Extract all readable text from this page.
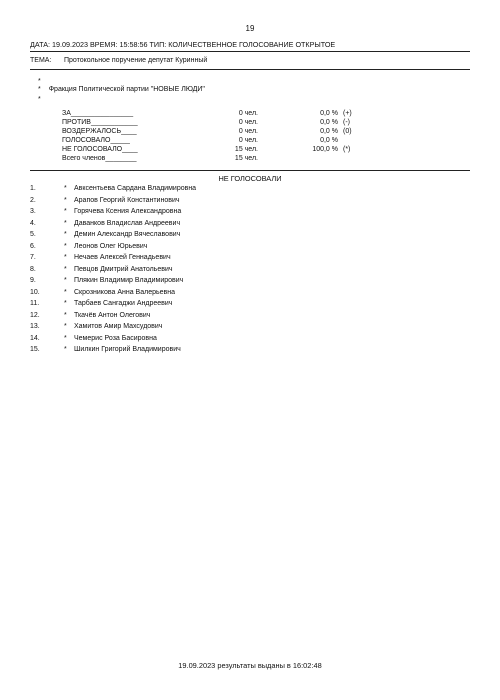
19
ДАТА: 19.09.2023 ВРЕМЯ: 15:58:56 ТИП: КОЛИЧЕСТВЕННОЕ ГОЛОСОВАНИЕ ОТКРЫТОЕ
ТЕМА: Протокольное поручение депутат Куринный
*
* Фракция Политической партии "НОВЫЕ ЛЮДИ"
*
ЗА________________	0 чел.	0,0 % (+)
ПРОТИВ____________	0 чел.	0,0 % (-)
ВОЗДЕРЖАЛОСЬ____	0 чел.	0,0 % (0)
ГОЛОСОВАЛО_____	0 чел.	0,0 %
НЕ ГОЛОСОВАЛО____	15 чел.	100,0 % (*)
Всего членов________	15 чел.
НЕ ГОЛОСОВАЛИ
1.	* Авксентьева Сардана Владимировна
2.	* Арапов Георгий Константинович
3.	* Горячева Ксения Александровна
4.	* Даванков Владислав Андреевич
5.	* Демин Александр Вячеславович
6.	* Леонов Олег Юрьевич
7.	* Нечаев Алексей Геннадьевич
8.	* Певцов Дмитрий Анатольевич
9.	* Плякин Владимир Владимирович
10.	* Скрозникова Анна Валерьевна
11.	* Тарбаев Сангаджи Андреевич
12.	* Ткачёв Антон Олегович
13.	* Хамитов Амир Махсудович
14.	* Чемерис Роза Басировна
15.	* Шилкин Григорий Владимирович
19.09.2023 результаты выданы в 16:02:48
